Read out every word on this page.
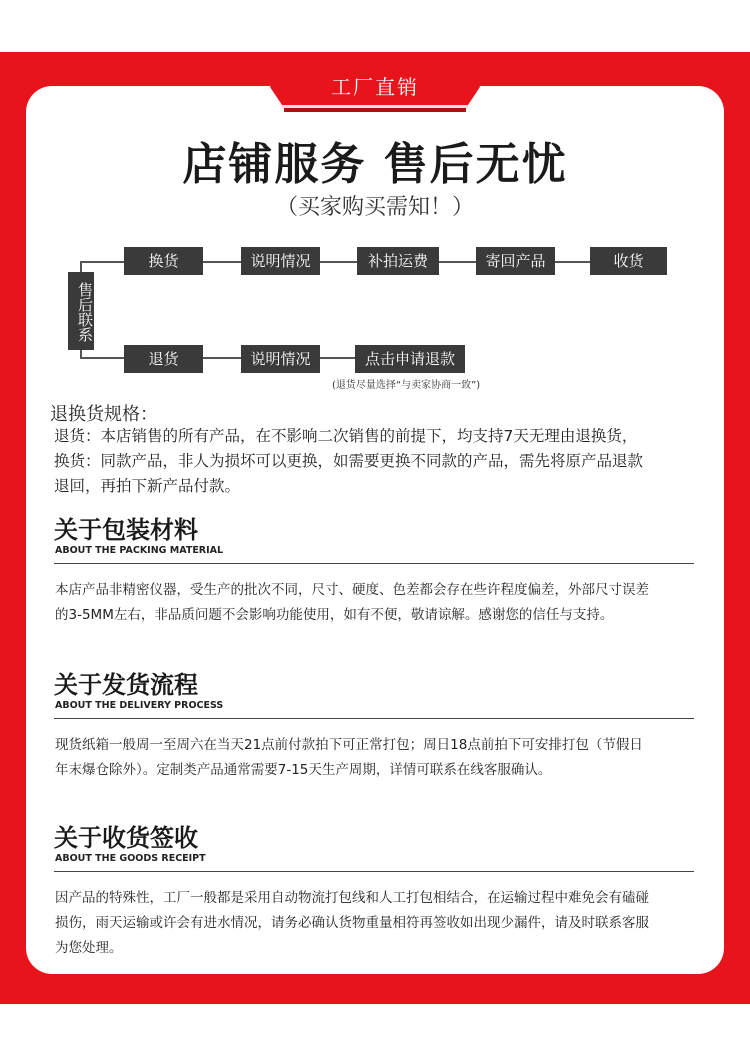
工厂直销
店铺服务 售后无忧
（买家购买需知！）
售后联系
换货	说明情况	补拍运费	寄回产品	收货
退货	说明情况	点击申请退款
(退货尽量选择“与卖家协商一致”)
退换货规格：
退货：本店销售的所有产品，在不影响二次销售的前提下，均支持7天无理由退换货，
换货：同款产品，非人为损坏可以更换，如需要更换不同款的产品，需先将原产品退款
退回，再拍下新产品付款。
关于包装材料
ABOUT THE PACKING MATERIAL
本店产品非精密仪器，受生产的批次不同，尺寸、硬度、色差都会存在些许程度偏差，外部尺寸误差
的3-5MM左右，非品质问题不会影响功能使用，如有不便，敬请谅解。感谢您的信任与支持。
关于发货流程
ABOUT THE DELIVERY PROCESS
现货纸箱一般周一至周六在当天21点前付款拍下可正常打包；周日18点前拍下可安排打包（节假日
年末爆仓除外）。定制类产品通常需要7-15天生产周期，详情可联系在线客服确认。
关于收货签收
ABOUT THE GOODS RECEIPT
因产品的特殊性，工厂一般都是采用自动物流打包线和人工打包相结合，在运输过程中难免会有磕碰
损伤，雨天运输或许会有进水情况，请务必确认货物重量相符再签收如出现少漏件，请及时联系客服
为您处理。
